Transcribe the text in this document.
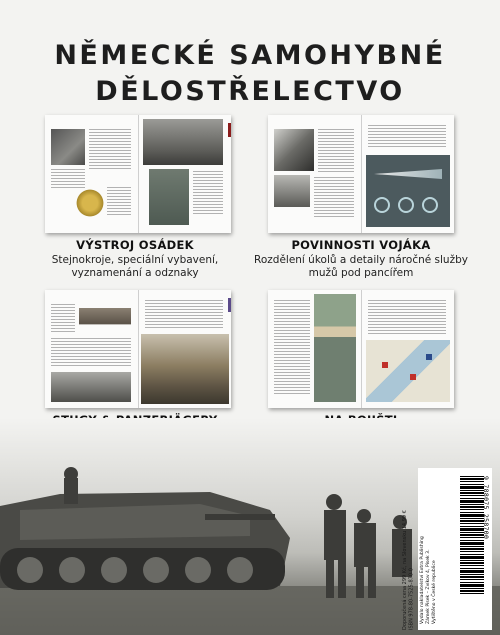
NĚMECKÉ SAMOHYBNÉ
DĚLOSTŘELECTVO
VÝSTROJ OSÁDEK

Stejnokroje, speciální vybavení,

vyznamenání a odznaky

POVINNOSTI VOJÁKA

Rozdělení úkolů a detaily náročné služby

mužů pod pancířem

Doporučená cena 299 Kč, na Slovensku 14,99 € ISBN 978-80-7525-870-0 Vydalo nakladatelství Extra Publishing Zámek Pisek – Zvíkov 4, Pisek 3. Vytištěno v České republice
9 788075 258700
